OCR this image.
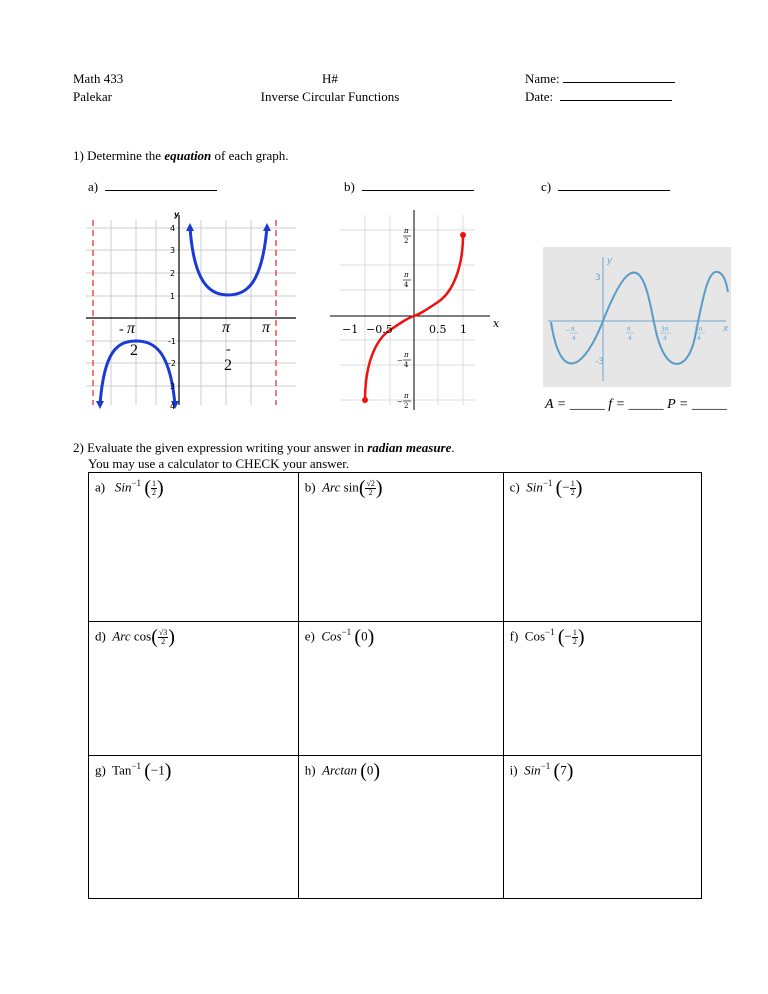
Math 433
Palekar
H#
Inverse Circular Functions
Name:
Date:
1) Determine the equation of each graph.
a)	b)	c)
y
4
3
2
1
-1
-2
3
4
- π
2
π
-
2
π	−1 −0.5	0.5 1 x
π
2
π
4
−
π
4
−
π
2
y
3
-3
x
− π
4
π
4
3π
4
5π
4
A = _____ f = _____ P = _____
2) Evaluate the given expression writing your answer in radian measure.
You may use a calculator to CHECK your answer.
a) Sin$^{-1}$ ( $\frac{1}{2}$ )	b) Arc $\sin( \frac{√2}{2}$ )	c) Sin$^{-1}$ (− $\frac{1}{2}$ )
d) Arc $\cos( \frac{√3}{2}$ )	e) Cos$^{-1}$ (0)	f) Cos$^{-1}$ (− $\frac{1}{2}$ )
g) Tan$^{-1}$ (−1)	h) Arctan (0)	i) Sin$^{-1}$ (7)
